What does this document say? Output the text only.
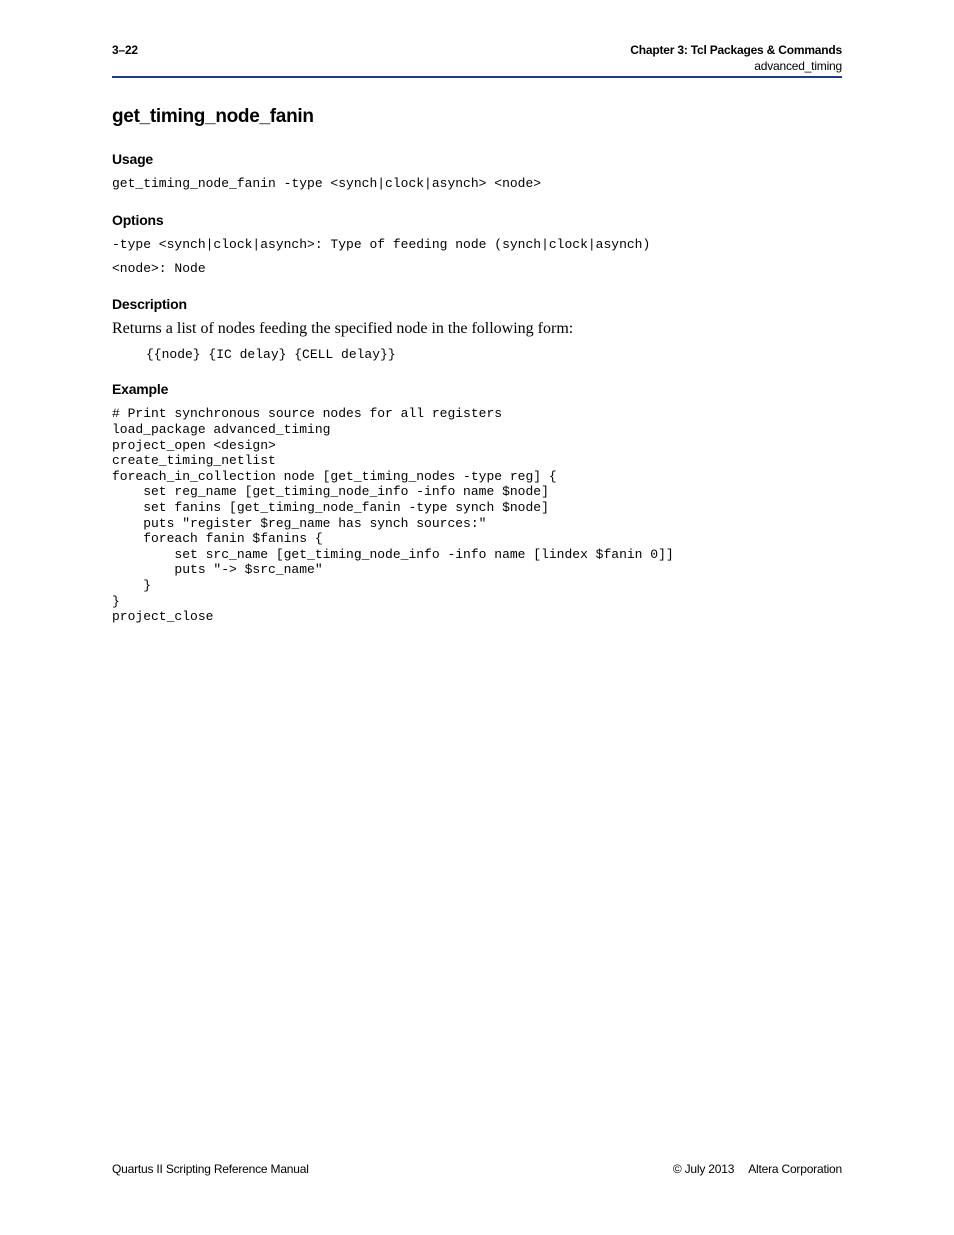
3–22	Chapter 3: Tcl Packages & Commands
advanced_timing
get_timing_node_fanin
Usage

get_timing_node_fanin -type <synch|clock|asynch> <node>

Options

-type <synch|clock|asynch>: Type of feeding node (synch|clock|asynch)

<node>: Node

Description

Returns a list of nodes feeding the specified node in the following form:

{{node} {IC delay} {CELL delay}}

Example

# Print synchronous source nodes for all registers

load_package advanced_timing

project_open <design>

create_timing_netlist

foreach_in_collection node [get_timing_nodes -type reg] {

set reg_name [get_timing_node_info -info name $node]

set fanins [get_timing_node_fanin -type synch $node]

puts "register $reg_name has synch sources:"

foreach fanin $fanins {

set src_name [get_timing_node_info -info name [lindex $fanin 0]]

puts "-> $src_name"

}

}

project_close

Quartus II Scripting Reference Manual	© July 2013 Altera Corporation
